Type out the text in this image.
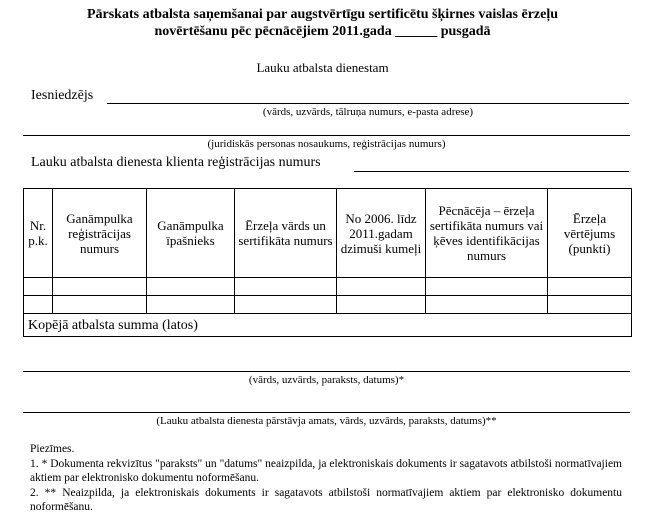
Pārskats atbalsta saņemšanai par augstvērtīgu sertificētu šķirnes vaislas ērzeļu
novērtēšanu pēc pēcnācējiem 2011.gada ______ pusgadā
Lauku atbalsta dienestam
Iesniedzējs
(vārds, uzvārds, tālruņa numurs, e-pasta adrese)
(juridiskās personas nosaukums, reģistrācijas numurs)
Lauku atbalsta dienesta klienta reģistrācijas numurs
Nr. p.k.	Ganāmpulka reģistrācijas numurs	Ganāmpulka īpašnieks	Ērzeļa vārds un sertifikāta numurs	No 2006. līdz 2011.gadam dzimuši kumeļi	Pēcnācēja – ērzeļa sertifikāta numurs vai ķēves identifikācijas numurs	Ērzeļa vērtējums (punkti)

Kopējā atbalsta summa (latos)						
(vārds, uzvārds, paraksts, datums)*
(Lauku atbalsta dienesta pārstāvja amats, vārds, uzvārds, paraksts, datums)**
Piezīmes.
1. * Dokumenta rekvizītus "paraksts" un "datums" neaizpilda, ja elektroniskais dokuments ir sagatavots atbilstoši normatīvajiem aktiem par elektronisko dokumentu noformēšanu.
2. ** Neaizpilda, ja elektroniskais dokuments ir sagatavots atbilstoši normatīvajiem aktiem par elektronisko dokumentu noformēšanu.
